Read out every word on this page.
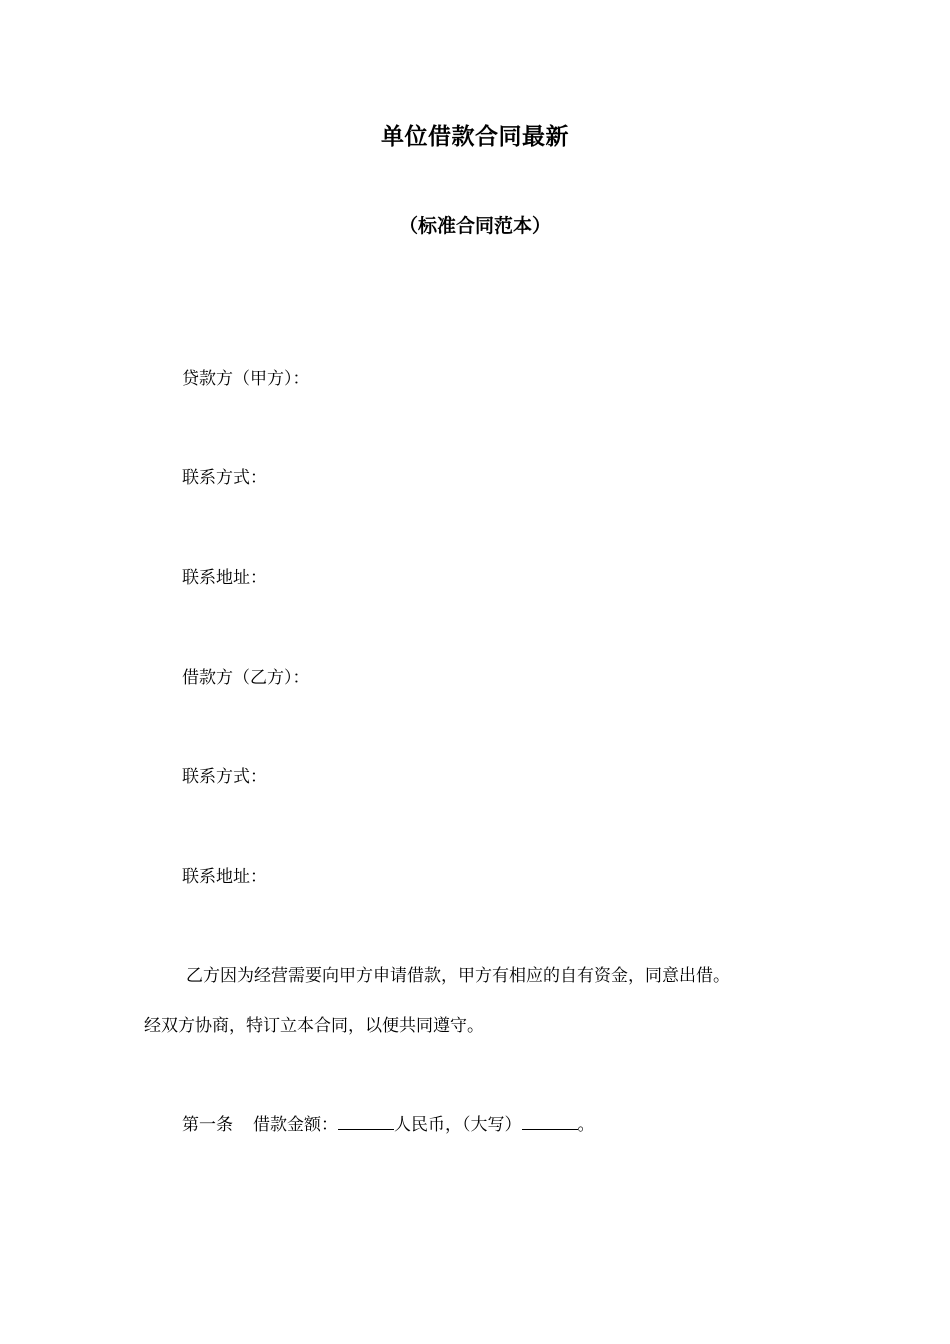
单位借款合同最新
（标准合同范本）
贷款方（甲方）：
联系方式：
联系地址：
借款方（乙方）：
联系方式：
联系地址：
乙方因为经营需要向甲方申请借款，甲方有相应的自有资金，同意出借。
经双方协商，特订立本合同，以便共同遵守。
第一条 借款金额：	人民币，（大写）	。
